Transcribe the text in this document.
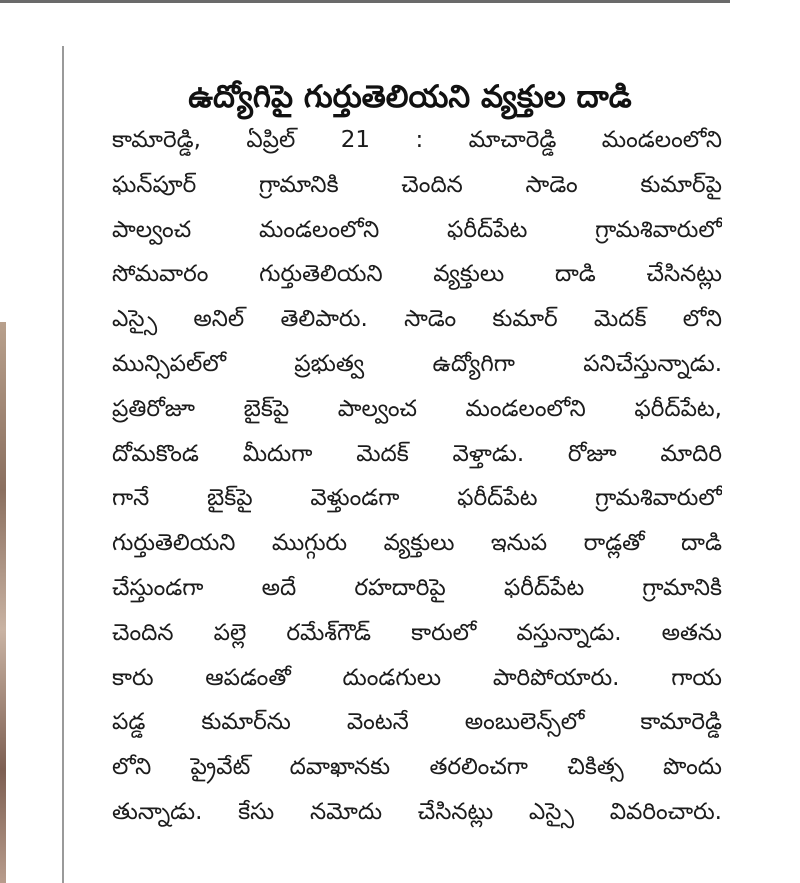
ఉద్యోగిపై గుర్తుతెలియని వ్యక్తుల దాడి
కామారెడ్డి, ఏప్రిల్ 21 : మాచారెడ్డి మండలంలోని
ఘన్‌పూర్ గ్రామానికి చెందిన సాడెం కుమార్‌పై
పాల్వంచ మండలంలోని ఫరీద్‌పేట గ్రామశివారులో
సోమవారం గుర్తుతెలియని వ్యక్తులు దాడి చేసినట్లు
ఎస్సై అనిల్ తెలిపారు. సాడెం కుమార్ మెదక్ లోని
మున్సిపల్‌లో ప్రభుత్వ ఉద్యోగిగా పనిచేస్తున్నాడు.
ప్రతిరోజూ బైక్‌పై పాల్వంచ మండలంలోని ఫరీద్‌పేట,
దోమకొండ మీదుగా మెదక్ వెళ్తాడు. రోజూ మాదిరి
గానే బైక్‌పై వెళ్తుండగా ఫరీద్‌పేట గ్రామశివారులో
గుర్తుతెలియని ముగ్గురు వ్యక్తులు ఇనుప రాడ్లతో దాడి
చేస్తుండగా అదే రహదారిపై ఫరీద్‌పేట గ్రామానికి
చెందిన పల్లె రమేశ్‌గౌడ్ కారులో వస్తున్నాడు. అతను
కారు ఆపడంతో దుండగులు పారిపోయారు. గాయ
పడ్డ కుమార్‌ను వెంటనే అంబులెన్స్‌లో కామారెడ్డి
లోని ప్రైవేట్ దవాఖానకు తరలించగా చికిత్స పొందు
తున్నాడు. కేసు నమోదు చేసినట్లు ఎస్సై వివరించారు.
